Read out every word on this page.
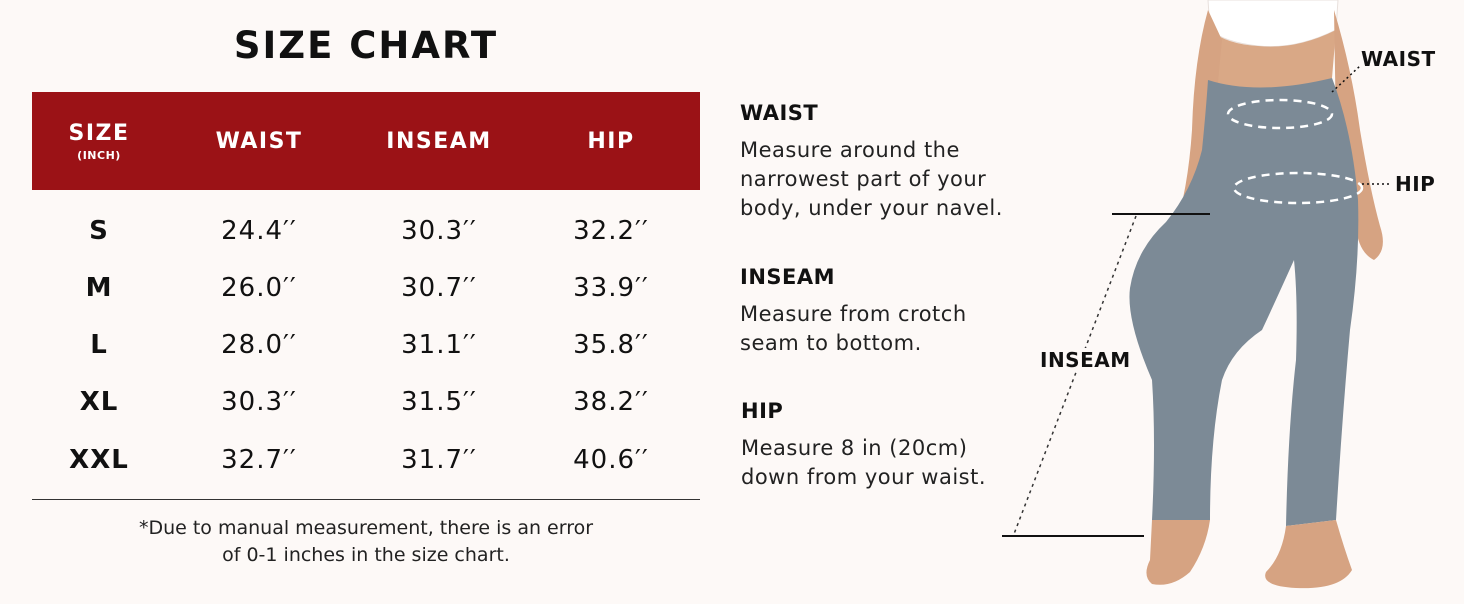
SIZE CHART
SIZE
(INCH)
WAIST	INSEAM	HIP
S	24.4′′	30.3′′	32.2′′
M	26.0′′	30.7′′	33.9′′
L	28.0′′	31.1′′	35.8′′
XL	30.3′′	31.5′′	38.2′′
XXL	32.7′′	31.7′′	40.6′′
*Due to manual measurement, there is an error
of 0-1 inches in the size chart.
WAIST
Measure around the
narrowest part of your
body, under your navel.
INSEAM
Measure from crotch
seam to bottom.
HIP
Measure 8 in (20cm)
down from your waist.
WAIST
HIP
INSEAM
